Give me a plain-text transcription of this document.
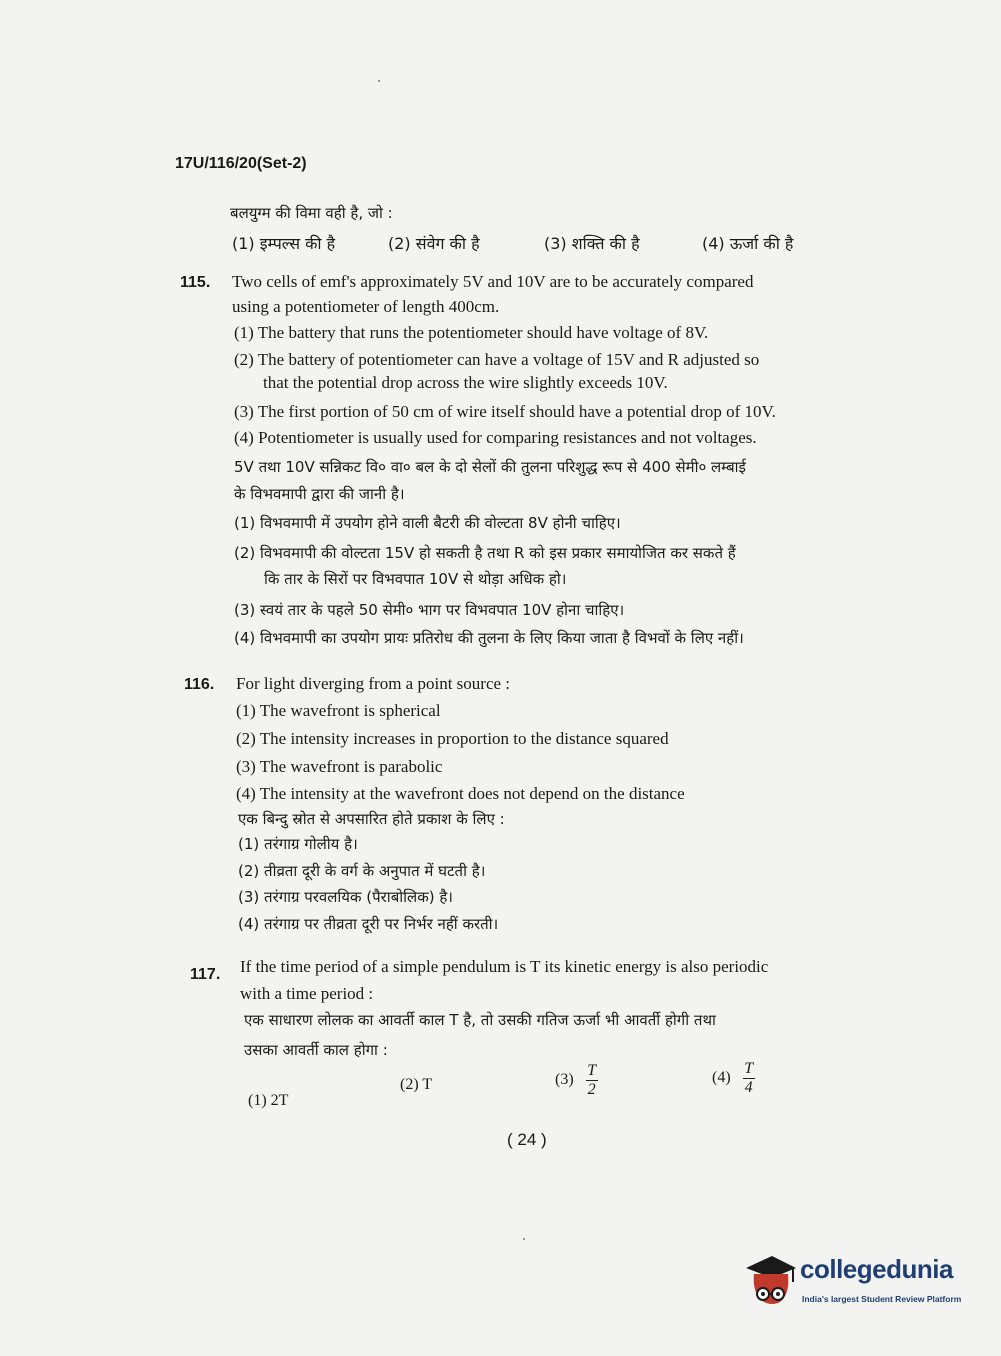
17U/116/20(Set-2)
बलयुग्म की विमा वही है, जो :
(1) इम्पल्स की है	(2) संवेग की है	(3) शक्ति की है	(4) ऊर्जा की है
115. Two cells of emf's approximately 5V and 10V are to be accurately compared
using a potentiometer of length 400cm.
(1) The battery that runs the potentiometer should have voltage of 8V.
(2) The battery of potentiometer can have a voltage of 15V and R adjusted so
that the potential drop across the wire slightly exceeds 10V.
(3) The first portion of 50 cm of wire itself should have a potential drop of 10V.
(4) Potentiometer is usually used for comparing resistances and not voltages.
5V तथा 10V सन्निकट वि० वा० बल के दो सेलों की तुलना परिशुद्ध रूप से 400 सेमी० लम्बाई
के विभवमापी द्वारा की जानी है।
(1) विभवमापी में उपयोग होने वाली बैटरी की वोल्टता 8V होनी चाहिए।
(2) विभवमापी की वोल्टता 15V हो सकती है तथा R को इस प्रकार समायोजित कर सकते हैं
कि तार के सिरों पर विभवपात 10V से थोड़ा अधिक हो।
(3) स्वयं तार के पहले 50 सेमी० भाग पर विभवपात 10V होना चाहिए।
(4) विभवमापी का उपयोग प्रायः प्रतिरोध की तुलना के लिए किया जाता है विभवों के लिए नहीं।
116. For light diverging from a point source :
(1) The wavefront is spherical
(2) The intensity increases in proportion to the distance squared
(3) The wavefront is parabolic
(4) The intensity at the wavefront does not depend on the distance
एक बिन्दु स्रोत से अपसारित होते प्रकाश के लिए :
(1) तरंगाग्र गोलीय है।
(2) तीव्रता दूरी के वर्ग के अनुपात में घटती है।
(3) तरंगाग्र परवलयिक (पैराबोलिक) है।
(4) तरंगाग्र पर तीव्रता दूरी पर निर्भर नहीं करती।
117. If the time period of a simple pendulum is T its kinetic energy is also periodic
with a time period :
एक साधारण लोलक का आवर्ती काल T है, तो उसकी गतिज ऊर्जा भी आवर्ती होगी तथा
उसका आवर्ती काल होगा :
(1) 2T
(2) T	$(3) \frac{T}{2}$	$(4) \frac{T}{4}$
( 24 )
collegedunia
India's largest Student Review Platform
